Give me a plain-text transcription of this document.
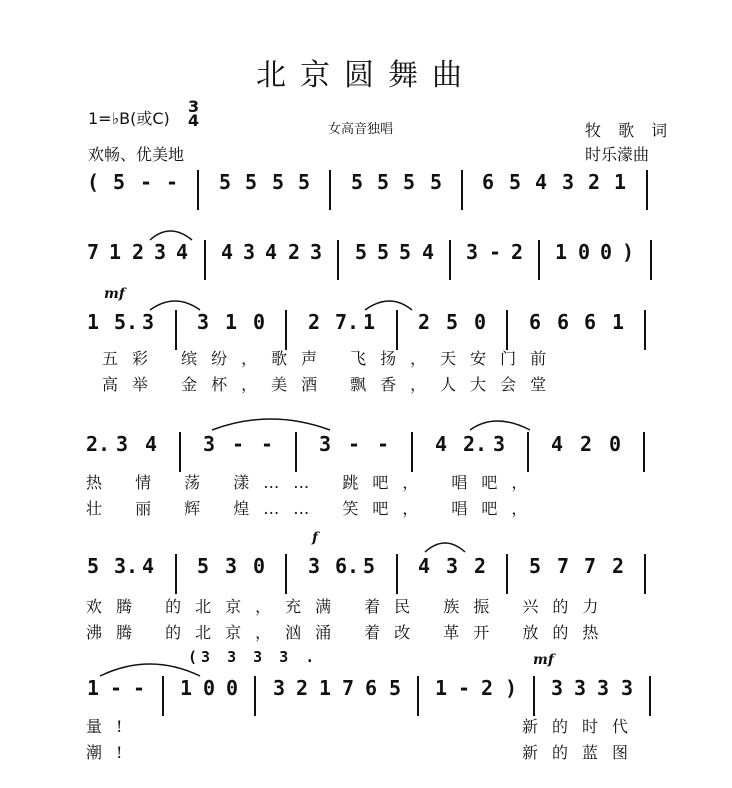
北京圆舞曲
1=♭B(或C)
3
4	女高音独唱	牧 歌 词
欢畅、优美地	时乐濛曲
mf
f
mf
( 5 - - 5 5 5 5 5 5 5 5 6 5 4 3 2 1
7 1 2 3 4 4 3 4 2 3 5 5 5 4 3 - 2 1 0 0 )
1 5. 3 3 1 0 2 7. 1 2 5 0 6 6 6 1
五彩 缤纷，歌声 飞扬，天安门前
高举 金杯，美酒 飘香，人大会堂
2. 3 4 3 - - 3 - - 4 2. 3 4 2 0
热 情 荡 漾…… 跳吧， 唱吧，
壮 丽 辉 煌…… 笑吧， 唱吧，
5 3. 4 5 3 0 3 6. 5 4 3 2 5 7 7 2
欢腾 的北京，充满 着民 族振 兴的力
沸腾 的北京，汹涌 着改 革开 放的热
(3 3 3 3 .
1 - - 1 0 0 3 2 1 7 6 5 1 - 2 ) 3 3 3 3
量!	新的时代
潮!	新的蓝图
